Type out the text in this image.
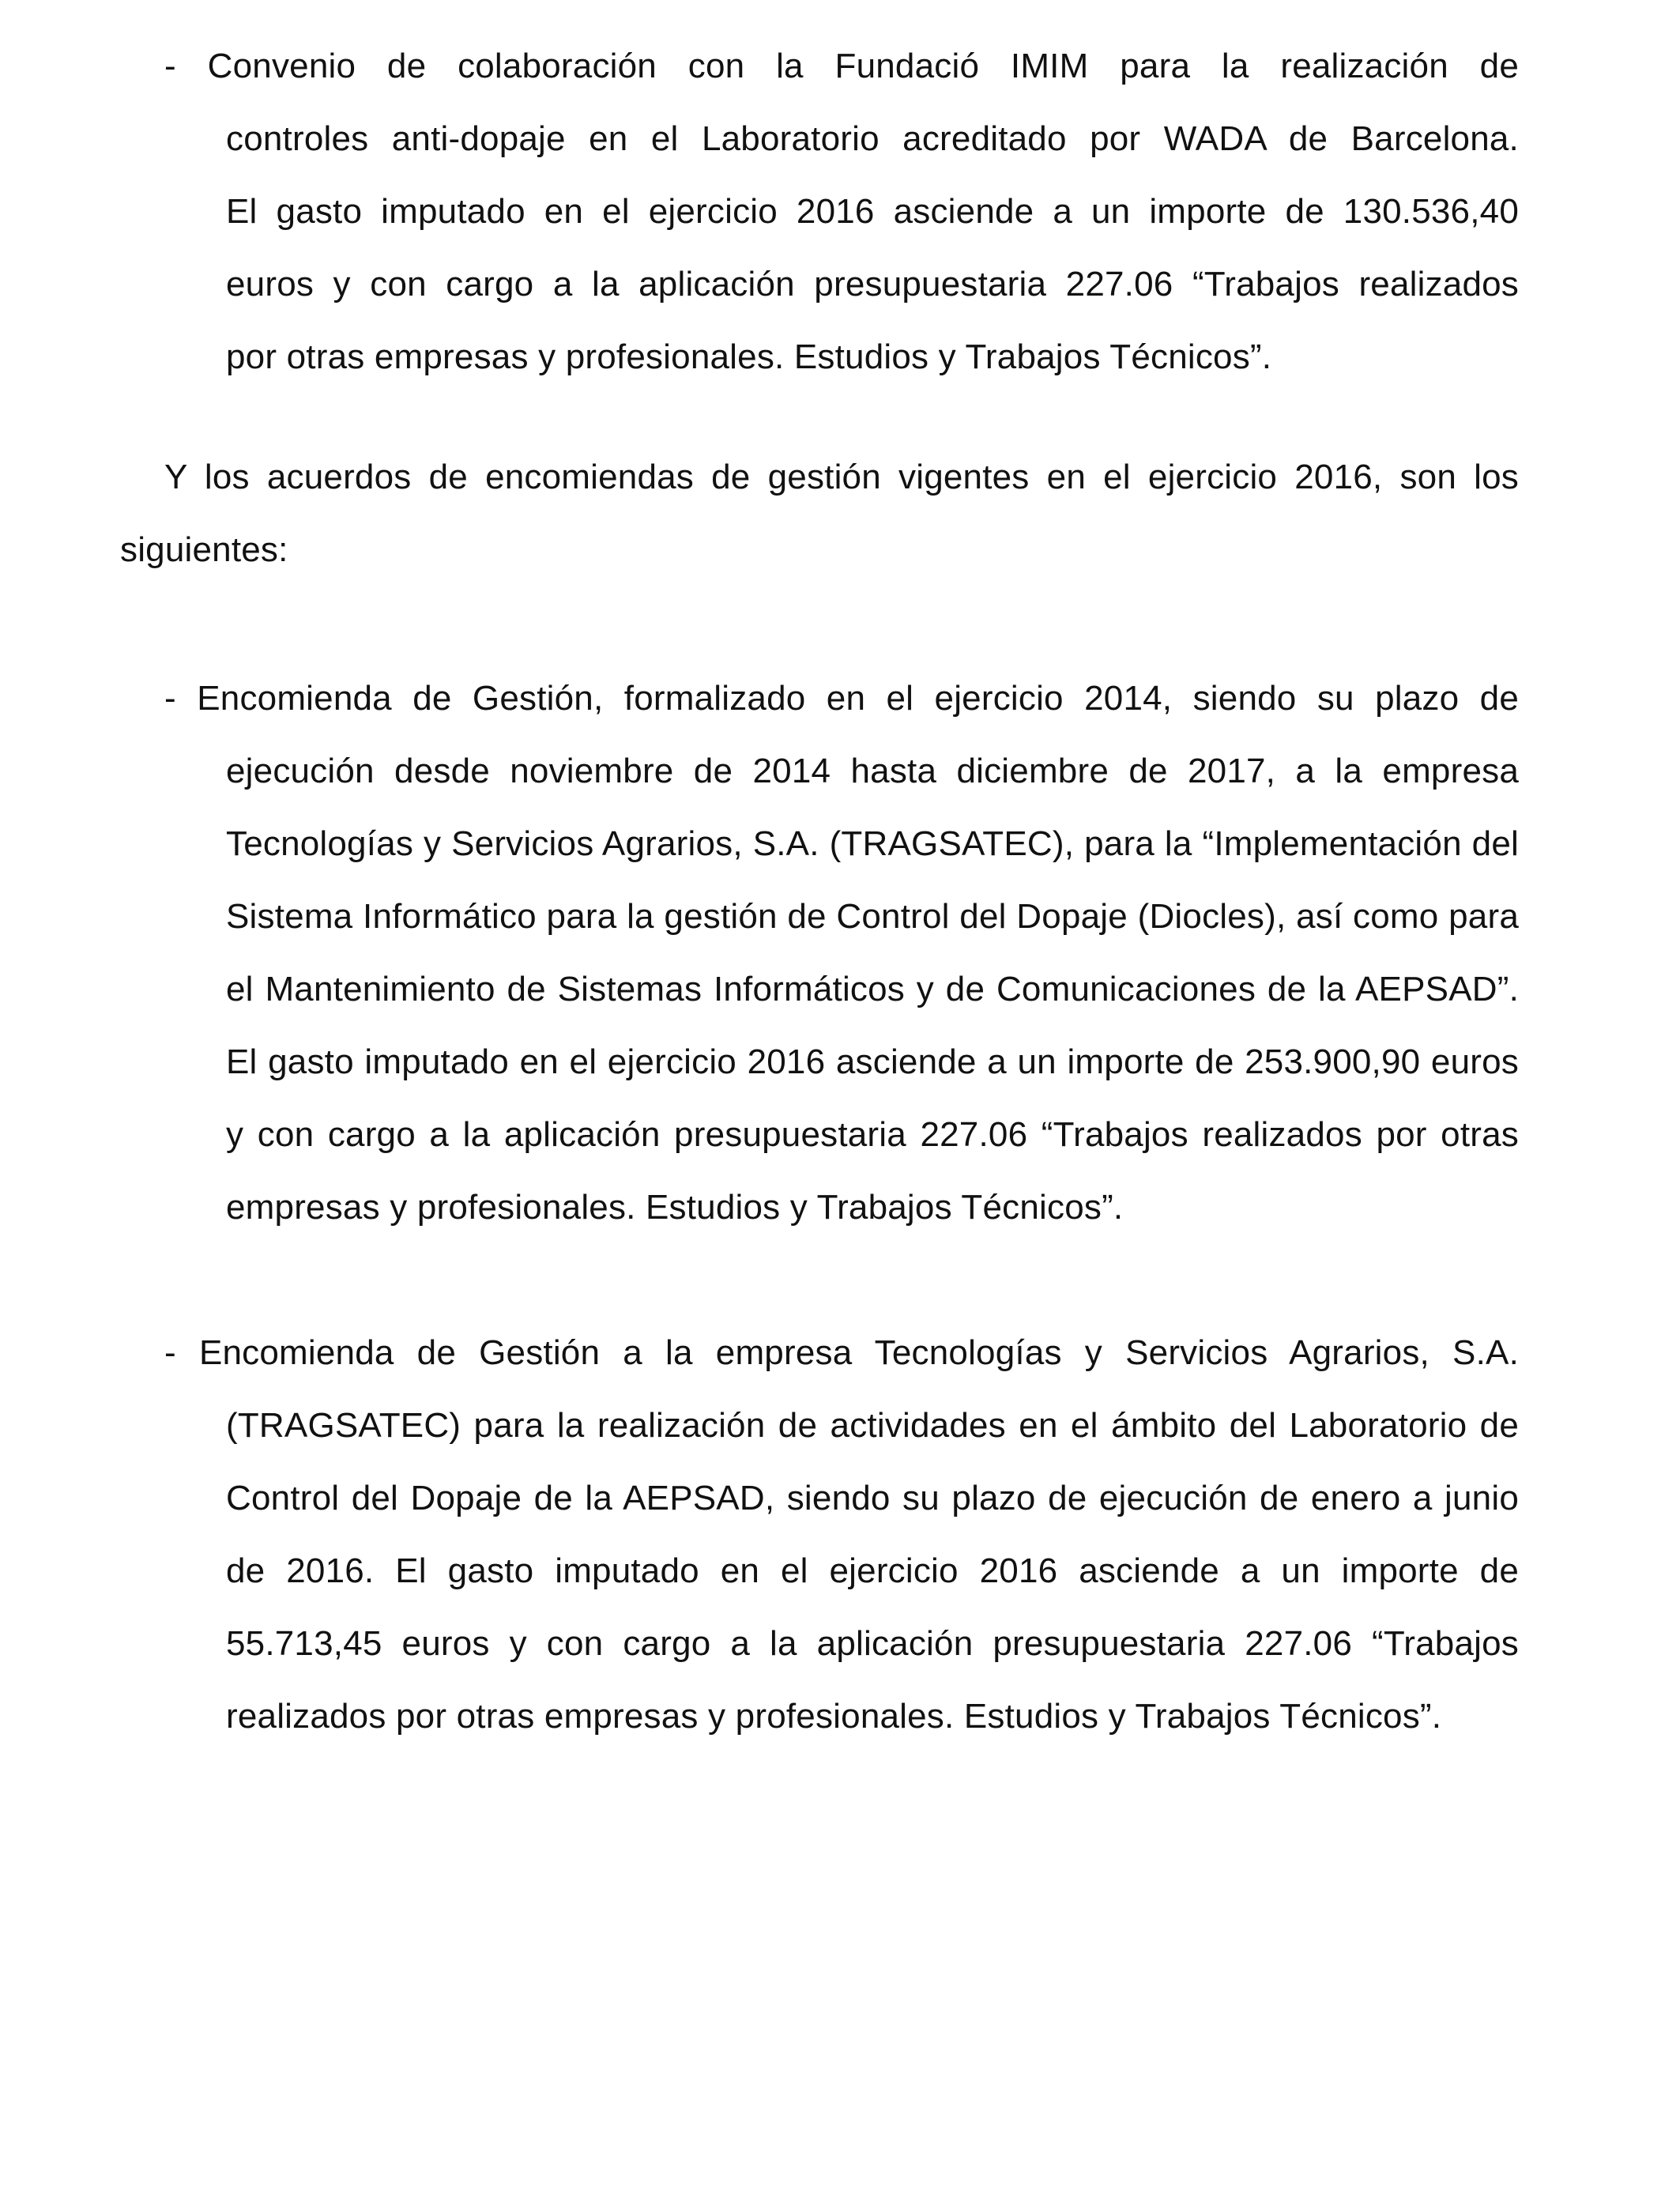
- Convenio de colaboración con la Fundació IMIM para la realización de
controles anti-dopaje en el Laboratorio acreditado por WADA de Barcelona.
El gasto imputado en el ejercicio 2016 asciende a un importe de 130.536,40
euros y con cargo a la aplicación presupuestaria 227.06 “Trabajos realizados
por otras empresas y profesionales. Estudios y Trabajos Técnicos”.
Y los acuerdos de encomiendas de gestión vigentes en el ejercicio 2016, son los
siguientes:
- Encomienda de Gestión, formalizado en el ejercicio 2014, siendo su plazo de
ejecución desde noviembre de 2014 hasta diciembre de 2017, a la empresa
Tecnologías y Servicios Agrarios, S.A. (TRAGSATEC), para la “Implementación del
Sistema Informático para la gestión de Control del Dopaje (Diocles), así como para
el Mantenimiento de Sistemas Informáticos y de Comunicaciones de la AEPSAD”.
El gasto imputado en el ejercicio 2016 asciende a un importe de 253.900,90 euros
y con cargo a la aplicación presupuestaria 227.06 “Trabajos realizados por otras
empresas y profesionales. Estudios y Trabajos Técnicos”.
- Encomienda de Gestión a la empresa Tecnologías y Servicios Agrarios, S.A.
(TRAGSATEC) para la realización de actividades en el ámbito del Laboratorio de
Control del Dopaje de la AEPSAD, siendo su plazo de ejecución de enero a junio
de 2016. El gasto imputado en el ejercicio 2016 asciende a un importe de
55.713,45 euros y con cargo a la aplicación presupuestaria 227.06 “Trabajos
realizados por otras empresas y profesionales. Estudios y Trabajos Técnicos”.
